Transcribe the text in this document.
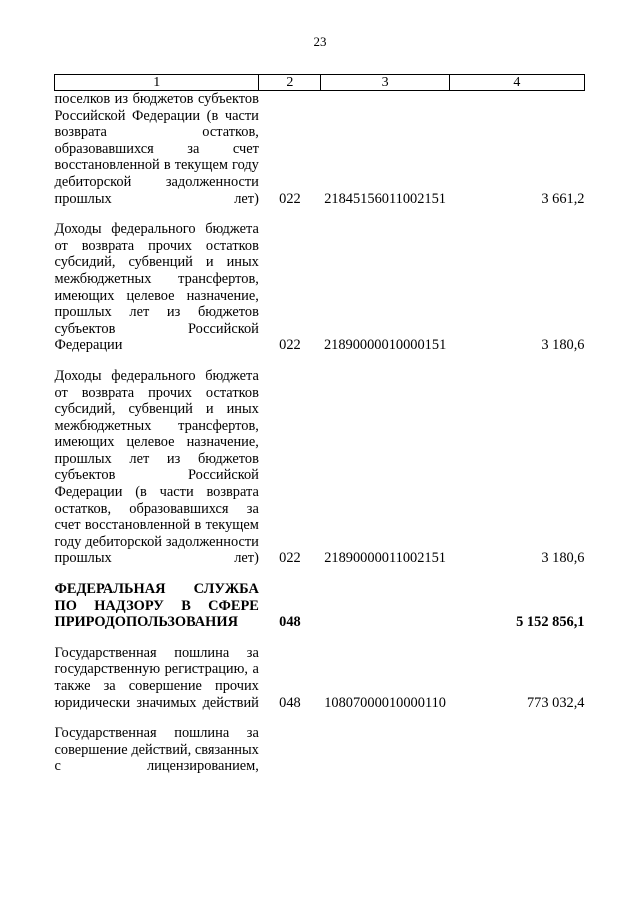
23
1	2	3	4
поселков из бюджетов субъектов Российской Федерации (в части возврата остатков, образовавшихся за счет восстановленной в текущем году дебиторской задолженности прошлых лет)	022	21845156011002151	3 661,2

Доходы федерального бюджета от возврата прочих остатков субсидий, субвенций и иных межбюджетных трансфертов, имеющих целевое назначение, прошлых лет из бюджетов субъектов Российской Федерации	022	21890000010000151	3 180,6

Доходы федерального бюджета от возврата прочих остатков субсидий, субвенций и иных межбюджетных трансфертов, имеющих целевое назначение, прошлых лет из бюджетов субъектов Российской Федерации (в части возврата остатков, образовавшихся за счет восстановленной в текущем году дебиторской задолженности прошлых лет)	022	21890000011002151	3 180,6

ФЕДЕРАЛЬНАЯ СЛУЖБА ПО НАДЗОРУ В СФЕРЕ ПРИРОДОПОЛЬЗОВАНИЯ	048		5 152 856,1

Государственная пошлина за государственную регистрацию, а также за совершение прочих юридически значимых действий	048	10807000010000110	773 032,4

Государственная пошлина за совершение действий, связанных с лицензированием,			
